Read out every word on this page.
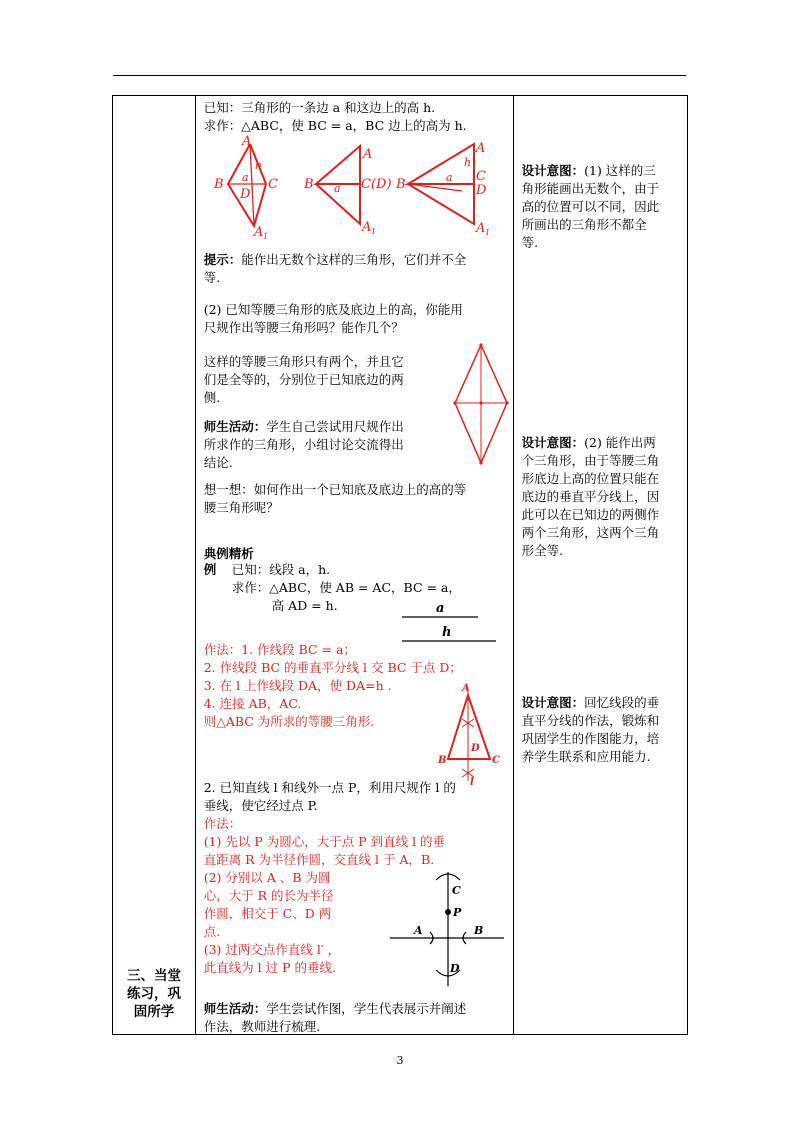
三、当堂
练习，巩
固所学

已知：三角形的一条边 a 和这边上的高 h.
求作：△ABC，使 BC = a，BC 边上的高为 h.
A
B	C
D
a
h
A 1
B
A
C(D)
a
A 1
B
A
C
D
a
h
A 1
提示：能作出无数个这样的三角形，它们并不全
等.
(2) 已知等腰三角形的底及底边上的高，你能用
尺规作出等腰三角形吗？能作几个？
这样的等腰三角形只有两个，并且它
们是全等的，分别位于已知底边的两
侧.
师生活动：学生自己尝试用尺规作出
所求作的三角形，小组讨论交流得出
结论.
想一想：如何作出一个已知底及底边上的高的等
腰三角形呢？
典例精析
例 已知：线段 a，h.
求作：△ABC，使 AB = AC，BC = a，
高 AD = h.	a
h
作法：1. 作线段 BC = a；
2. 作线段 BC 的垂直平分线 l 交 BC 于点 D；
3. 在 l 上作线段 DA，使 DA=h .
4. 连接 AB，AC.
则△ABC 为所求的等腰三角形.
A
B	C
D
l
2. 已知直线 l 和线外一点 P，利用尺规作 l 的
垂线，使它经过点 P.
作法：
(1) 先以 P 为圆心，大于点 P 到直线 l 的垂
直距离 R 为半径作圆，交直线 l 于 A，B.
(2) 分别以 A 、B 为圆
心，大于 R 的长为半径
作圆，相交于 C、D 两
点.
(3) 过两交点作直线 l′ ，
此直线为 l 过 P 的垂线.
C
P
A	B
D
师生活动：学生尝试作图，学生代表展示并阐述
作法，教师进行梳理.

设计意图：(1) 这样的三
角形能画出无数个，由于
高的位置可以不同，因此
所画出的三角形不都全
等.
设计意图：(2) 能作出两
个三角形，由于等腰三角
形底边上高的位置只能在
底边的垂直平分线上，因
此可以在已知边的两侧作
两个三角形，这两个三角
形全等.
设计意图：回忆线段的垂
直平分线的作法，锻炼和
巩固学生的作图能力，培
养学生联系和应用能力.
3
